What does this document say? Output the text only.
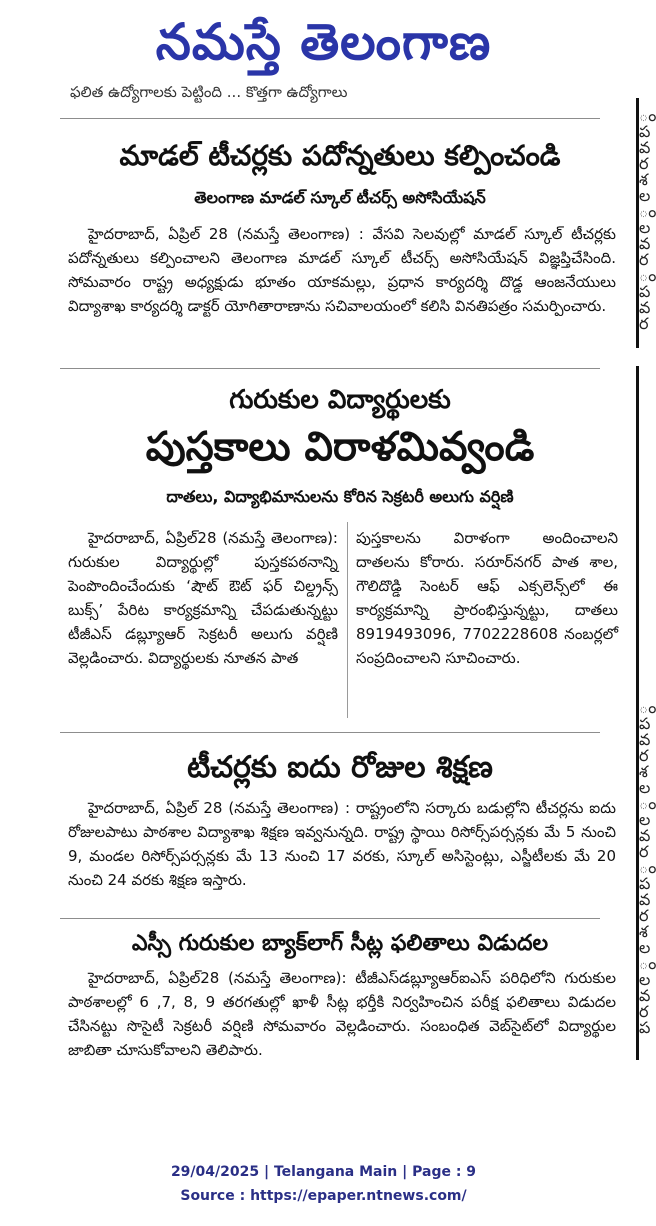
నమస్తే తెలంగాణ
ఫలిత ఉద్యోగాలకు పెట్టింది ... కొత్తగా ఉద్యోగాలు
ం
ప
వ
ర
శ
ల
ం
ల
వ
ర
ం
ప
వ
ర
ం
ప
వ
ర
శ
ల
ం
ల
వ
ర
ం
ప
వ
ర
శ
ల
ం
ల
వ
ర
ప
మాడల్ టీచర్లకు పదోన్నతులు కల్పించండి
తెలంగాణ మాడల్ స్కూల్ టీచర్స్ అసోసియేషన్
హైదరాబాద్, ఏప్రిల్ 28 (నమస్తే తెలంగాణ) : వేసవి సెలవుల్లో మాడల్ స్కూల్ టీచర్లకు పదోన్నతులు కల్పించాలని తెలంగాణ మాడల్ స్కూల్ టీచర్స్ అసోసియేషన్ విజ్ఞప్తిచేసింది. సోమవారం రాష్ట్ర అధ్యక్షుడు భూతం యాకమల్లు, ప్రధాన కార్యదర్శి దొడ్డ ఆంజనేయులు విద్యాశాఖ కార్యదర్శి డాక్టర్ యోగితారాణాను సచివాలయంలో కలిసి వినతిపత్రం సమర్పించారు.
గురుకుల విద్యార్థులకు
పుస్తకాలు విరాళమివ్వండి
దాతలు, విద్యాభిమానులను కోరిన సెక్రటరీ అలుగు వర్షిణి
హైదరాబాద్, ఏప్రిల్28 (నమస్తే తెలంగాణ): గురుకుల విద్యార్థుల్లో పుస్తకపఠనాన్ని పెంపొందించేందుకు ‘షౌట్ ఔట్ ఫర్ చిల్డ్రన్స్ బుక్స్’ పేరిట కార్యక్రమాన్ని చేపడుతున్నట్టు టీజీఎస్ డబ్ల్యూఆర్ సెక్రటరీ అలుగు వర్షిణి వెల్లడించారు. విద్యార్థులకు నూతన పాత
పుస్తకాలను విరాళంగా అందించాలని దాతలను కోరారు. సరూర్‌నగర్ పాత శాల, గౌలిదొడ్డి సెంటర్ ఆఫ్ ఎక్సలెన్స్‌లో ఈ కార్యక్రమాన్ని ప్రారంభిస్తున్నట్టు, దాతలు 8919493096, 7702228608 నంబర్లలో సంప్రదించాలని సూచించారు.
టీచర్లకు ఐదు రోజుల శిక్షణ
హైదరాబాద్, ఏప్రిల్ 28 (నమస్తే తెలంగాణ) : రాష్ట్రంలోని సర్కారు బడుల్లోని టీచర్లను ఐదు రోజులపాటు పాఠశాల విద్యాశాఖ శిక్షణ ఇవ్వనున్నది. రాష్ట్ర స్థాయి రిసోర్స్‌పర్సన్లకు మే 5 నుంచి 9, మండల రిసోర్స్‌పర్సన్లకు మే 13 నుంచి 17 వరకు, స్కూల్ అసిస్టెంట్లు, ఎస్జీటీలకు మే 20 నుంచి 24 వరకు శిక్షణ ఇస్తారు.
ఎస్సీ గురుకుల బ్యాక్‌లాగ్ సీట్ల ఫలితాలు విడుదల
హైదరాబాద్, ఏప్రిల్28 (నమస్తే తెలంగాణ): టీజీఎస్‌డబ్ల్యూఆర్ఐఎస్ పరిధిలోని గురుకుల పాఠశాలల్లో 6 ,7, 8, 9 తరగతుల్లో ఖాళీ సీట్ల భర్తీకి నిర్వహించిన పరీక్ష ఫలితాలు విడుదల చేసినట్టు సొసైటీ సెక్రటరీ వర్షిణి సోమవారం వెల్లడించారు. సంబంధిత వెబ్‌సైట్‌లో విద్యార్థుల జాబితా చూసుకోవాలని తెలిపారు.
29/04/2025 | Telangana Main | Page : 9
Source : https://epaper.ntnews.com/
